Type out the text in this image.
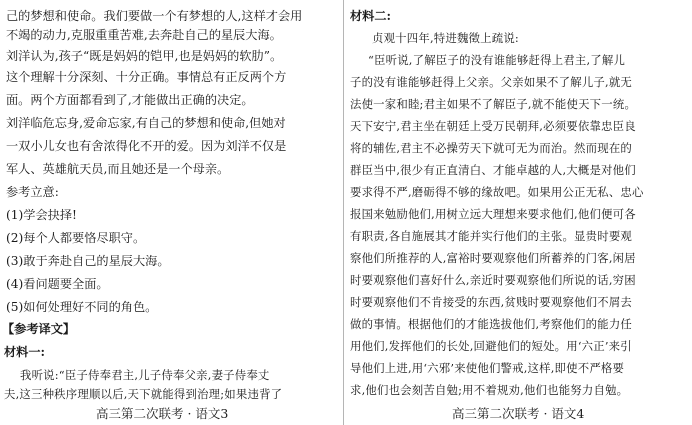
己的梦想和使命。我们要做一个有梦想的人,这样才会用
不竭的动力,克服重重苦难,去奔赴自己的星辰大海。
刘洋认为,孩子“既是妈妈的铠甲,也是妈妈的软肋”。
这个理解十分深刻、十分正确。事情总有正反两个方
面。两个方面都看到了,才能做出正确的决定。
刘洋临危忘身,爱命忘家,有自己的梦想和使命,但她对
一双小儿女也有舍浓得化不开的爱。因为刘洋不仅是
军人、英雄航天员,而且她还是一个母亲。
参考立意:
(1)学会抉择!
(2)每个人都要恪尽职守。
(3)敢于奔赴自己的星辰大海。
(4)看问题要全面。
(5)如何处理好不同的角色。
【参考译文】
材料一:
我听说:“臣子侍奉君主,儿子侍奉父亲,妻子侍奉丈
夫,这三种秩序理顺以后,天下就能得到治理;如果违背了
高三第二次联考 · 语文3
材料二:
贞观十四年,特进魏徵上疏说:
“臣听说,了解臣子的没有谁能够赶得上君主,了解儿
子的没有谁能够赶得上父亲。父亲如果不了解儿子,就无
法使一家和睦;君主如果不了解臣子,就不能使天下一统。
天下安宁,君主坐在朝廷上受万民朝拜,必须要依靠忠臣良
将的辅佐,君主不必操劳天下就可无为而治。然而现在的
群臣当中,很少有正直清白、才能卓越的人,大概是对他们
要求得不严,磨砺得不够的缘故吧。如果用公正无私、忠心
报国来勉励他们,用树立远大理想来要求他们,他们便可各
有职责,各自施展其才能并实行他们的主张。显贵时要观
察他们所推荐的人,富裕时要观察他们所蓄养的门客,闲居
时要观察他们喜好什么,亲近时要观察他们所说的话,穷困
时要观察他们不肯接受的东西,贫贱时要观察他们不屑去
做的事情。根据他们的才能选拔他们,考察他们的能力任
用他们,发挥他们的长处,回避他们的短处。用‘六正’来引
导他们上进,用‘六邪’来使他们警戒,这样,即使不严格要
求,他们也会刻苦自勉;用不着规劝,他们也能努力自勉。
高三第二次联考 · 语文4
